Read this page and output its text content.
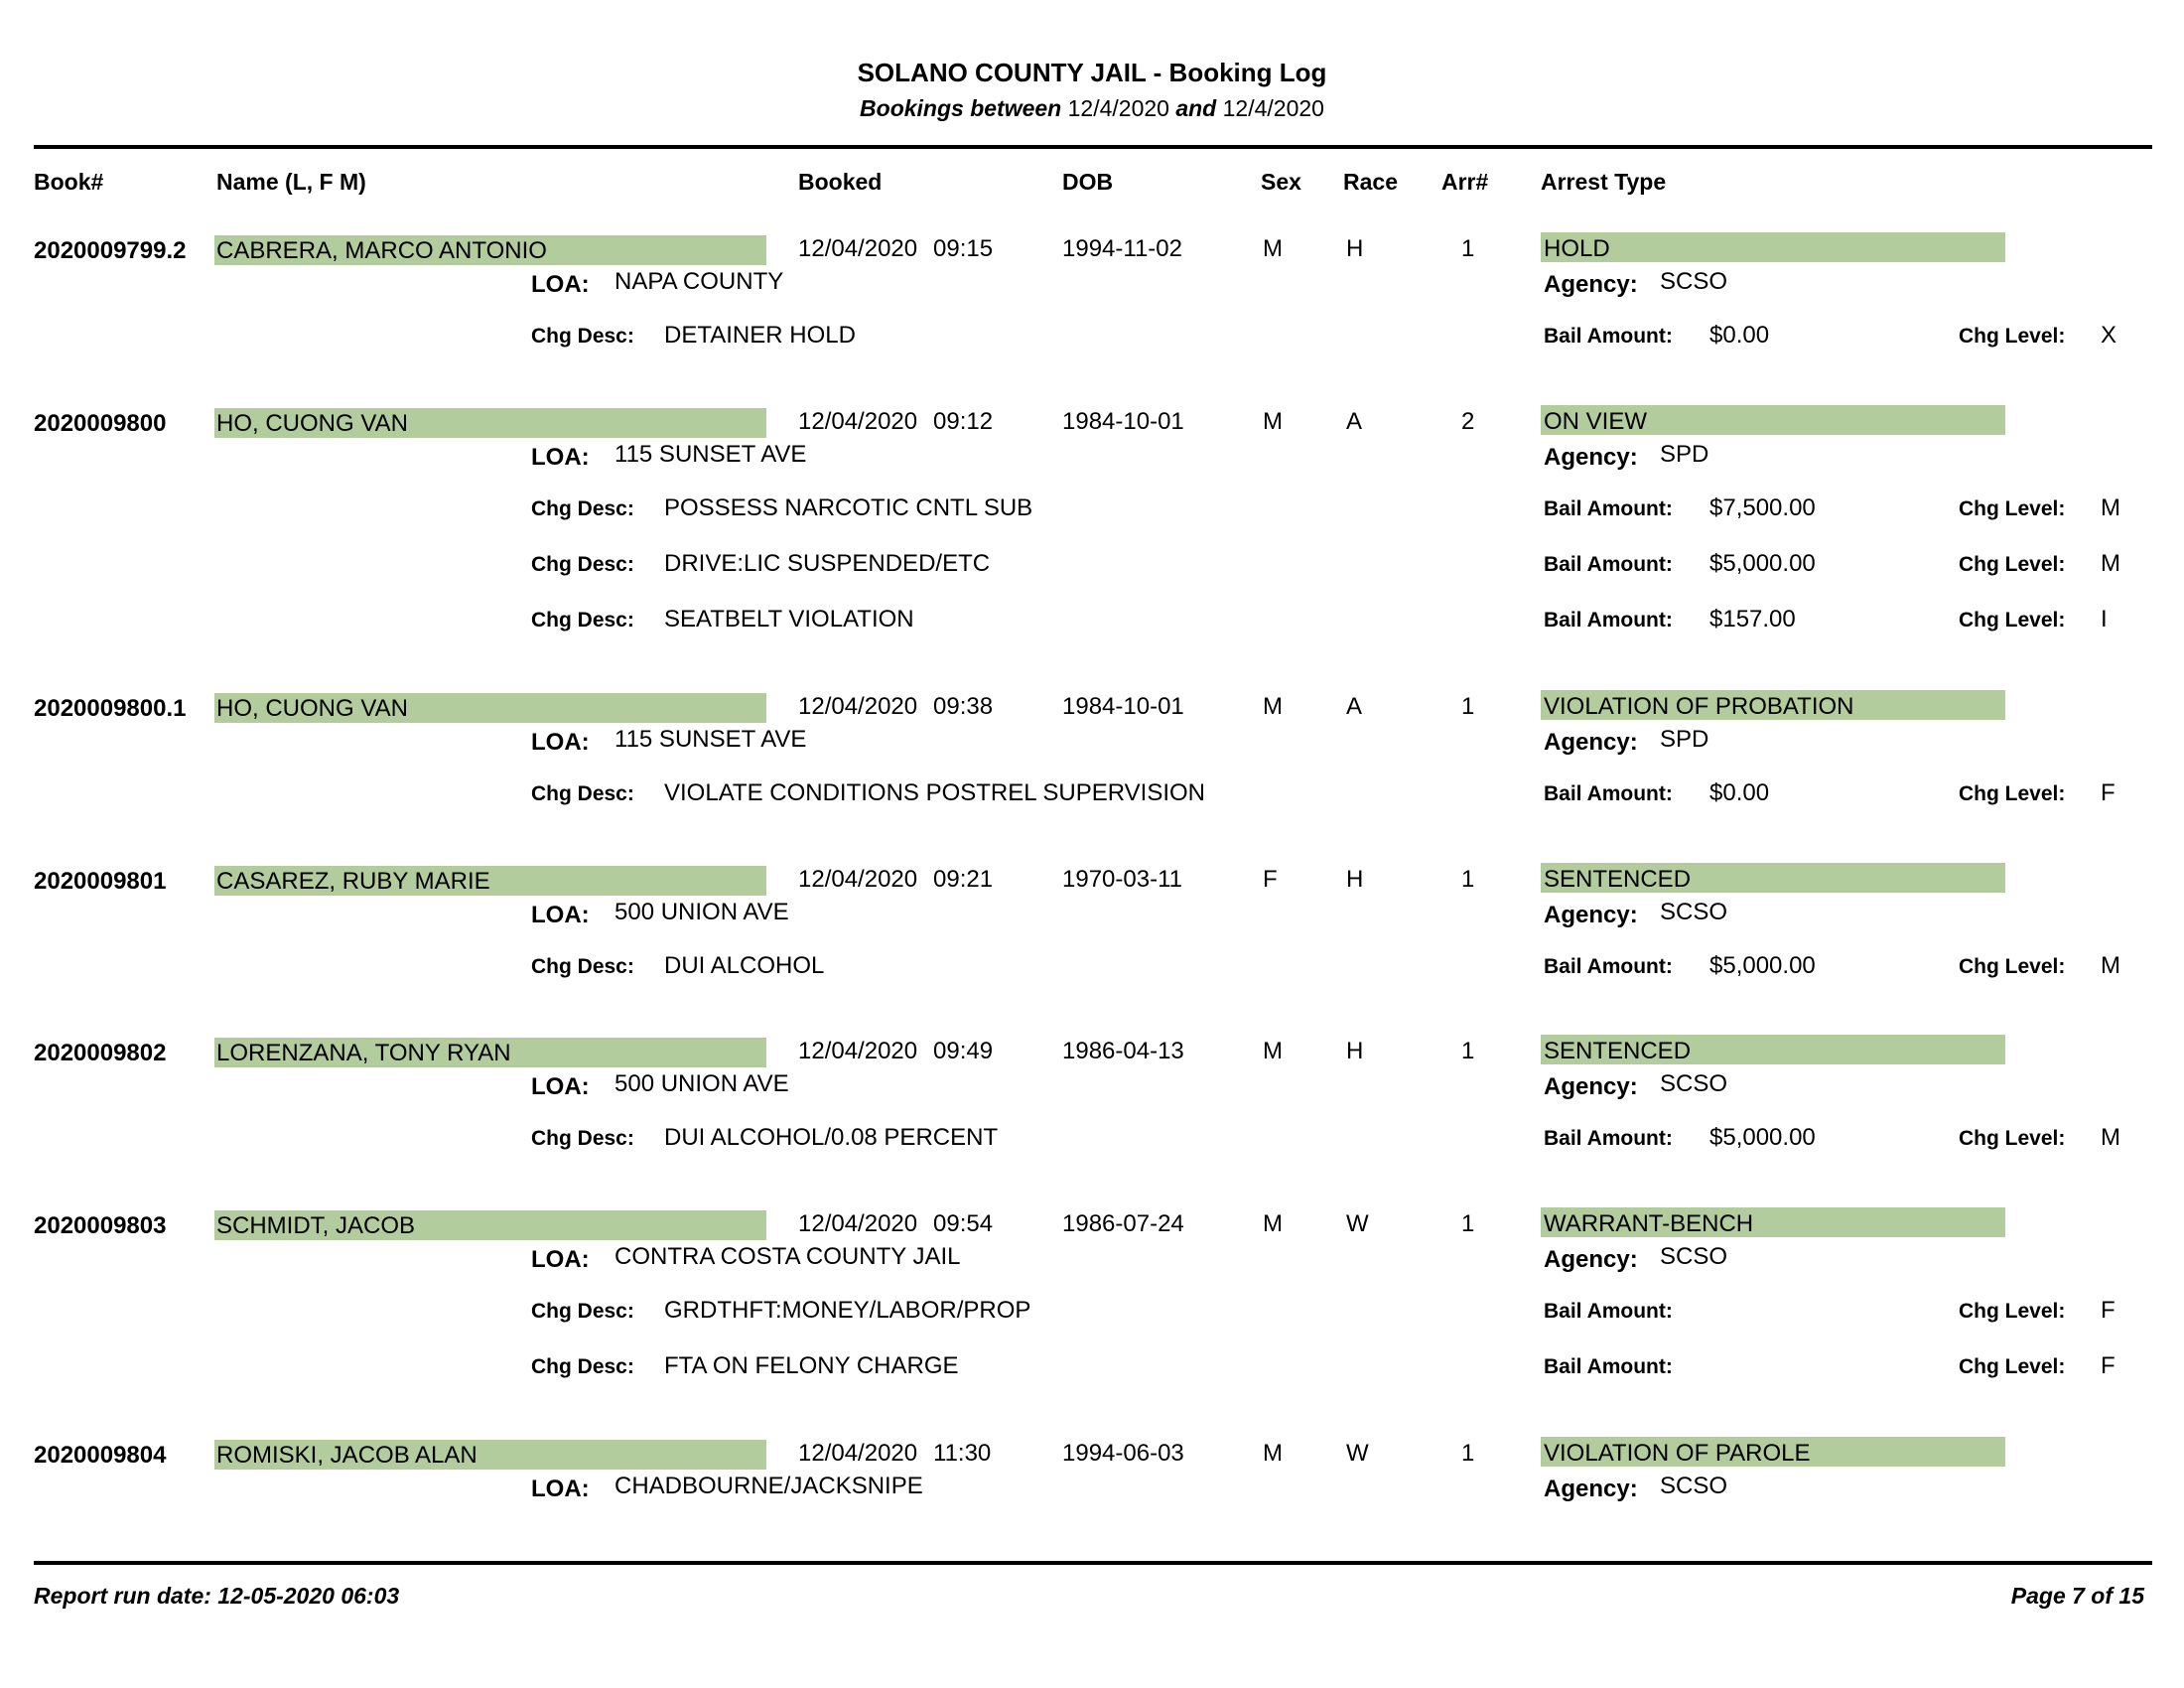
SOLANO COUNTY JAIL - Booking Log
Bookings between 12/4/2020 and 12/4/2020
Book#	Name (L, F M)	Booked	DOB	Sex Race Arr# Arrest Type
2020009799.2 CABRERA, MARCO ANTONIO	12/04/2020 09:15	1994-11-02	M	H	1	HOLD
LOA: NAPA COUNTY	Agency: SCSO
Chg Desc: DETAINER HOLD	Bail Amount: $0.00	Chg Level: X
2020009800 HO, CUONG VAN	12/04/2020 09:12	1984-10-01	M	A	2	ON VIEW
LOA: 115 SUNSET AVE	Agency: SPD
Chg Desc: POSSESS NARCOTIC CNTL SUB	Bail Amount: $7,500.00	Chg Level: M
Chg Desc: DRIVE:LIC SUSPENDED/ETC	Bail Amount: $5,000.00	Chg Level: M
Chg Desc: SEATBELT VIOLATION	Bail Amount: $157.00	Chg Level: I
2020009800.1 HO, CUONG VAN	12/04/2020 09:38	1984-10-01	M	A	1	VIOLATION OF PROBATION
LOA: 115 SUNSET AVE	Agency: SPD
Chg Desc: VIOLATE CONDITIONS POSTREL SUPERVISION	Bail Amount: $0.00	Chg Level: F
2020009801 CASAREZ, RUBY MARIE	12/04/2020 09:21	1970-03-11	F	H	1	SENTENCED
LOA: 500 UNION AVE	Agency: SCSO
Chg Desc: DUI ALCOHOL	Bail Amount: $5,000.00	Chg Level: M
2020009802 LORENZANA, TONY RYAN	12/04/2020 09:49	1986-04-13	M	H	1	SENTENCED
LOA: 500 UNION AVE	Agency: SCSO
Chg Desc: DUI ALCOHOL/0.08 PERCENT	Bail Amount: $5,000.00	Chg Level: M
2020009803 SCHMIDT, JACOB	12/04/2020 09:54	1986-07-24	M	W	1	WARRANT-BENCH
LOA: CONTRA COSTA COUNTY JAIL	Agency: SCSO
Chg Desc: GRDTHFT:MONEY/LABOR/PROP	Bail Amount:	Chg Level: F
Chg Desc: FTA ON FELONY CHARGE	Bail Amount:	Chg Level: F
2020009804 ROMISKI, JACOB ALAN	12/04/2020 11:30	1994-06-03	M	W	1	VIOLATION OF PAROLE
LOA: CHADBOURNE/JACKSNIPE	Agency: SCSO
Report run date: 12-05-2020 06:03	Page 7 of 15
